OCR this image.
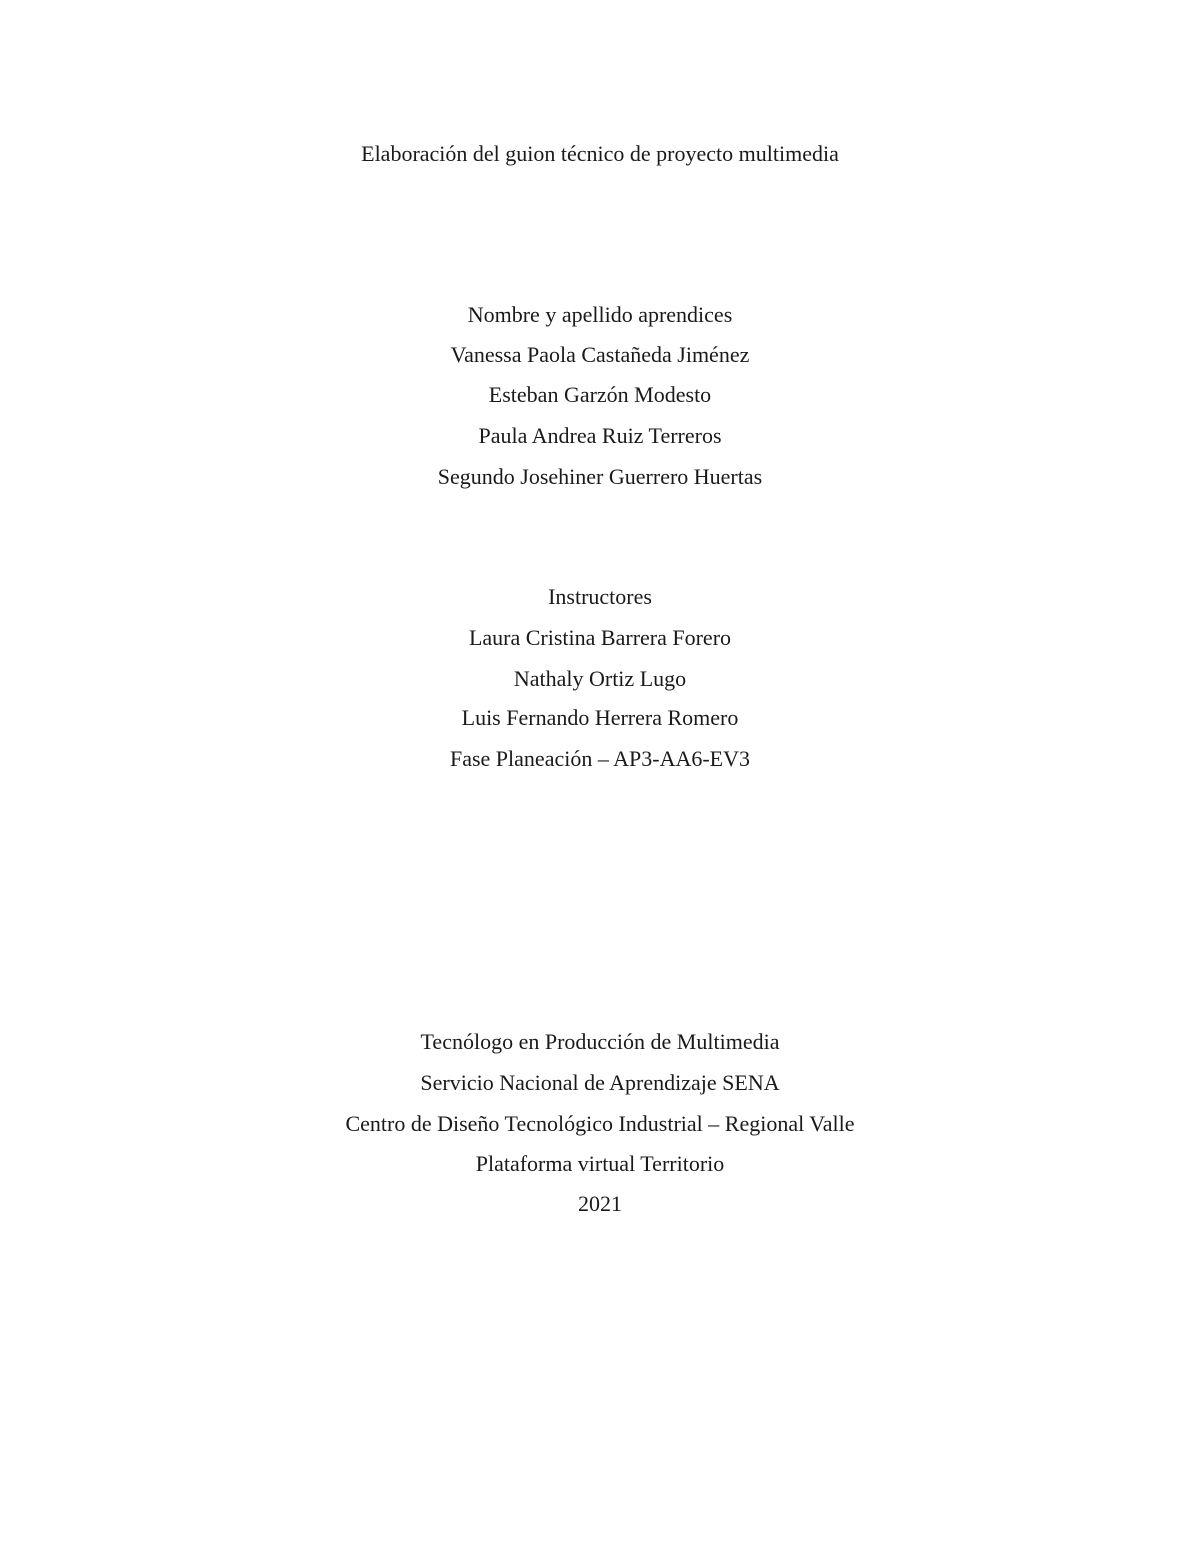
Elaboración del guion técnico de proyecto multimedia
Nombre y apellido aprendices
Vanessa Paola Castañeda Jiménez
Esteban Garzón Modesto
Paula Andrea Ruiz Terreros
Segundo Josehiner Guerrero Huertas
Instructores
Laura Cristina Barrera Forero
Nathaly Ortiz Lugo
Luis Fernando Herrera Romero
Fase Planeación – AP3-AA6-EV3
Tecnólogo en Producción de Multimedia
Servicio Nacional de Aprendizaje SENA
Centro de Diseño Tecnológico Industrial – Regional Valle
Plataforma virtual Territorio
2021
